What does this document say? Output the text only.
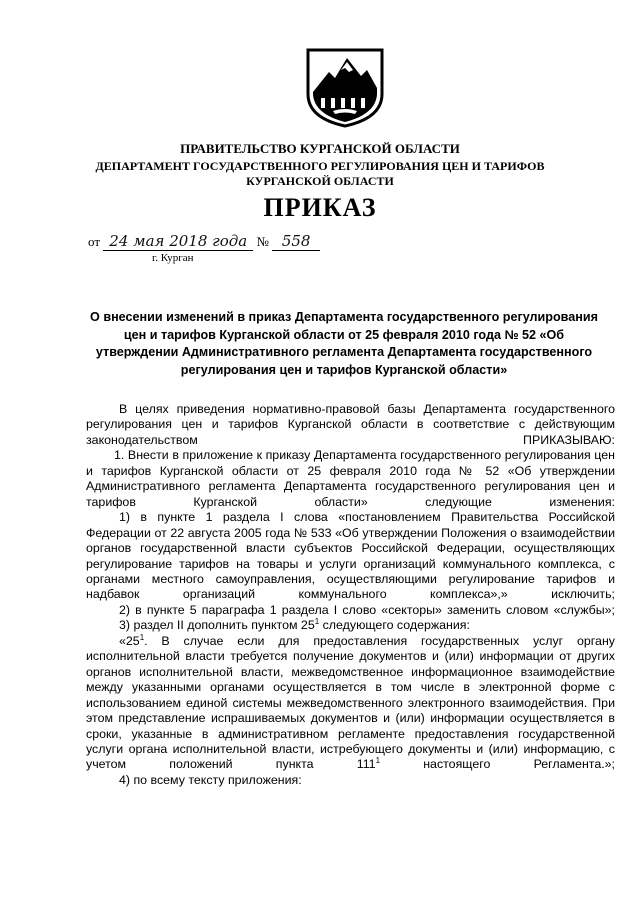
ПРАВИТЕЛЬСТВО КУРГАНСКОЙ ОБЛАСТИ
ДЕПАРТАМЕНТ ГОСУДАРСТВЕННОГО РЕГУЛИРОВАНИЯ ЦЕН И ТАРИФОВ
КУРГАНСКОЙ ОБЛАСТИ
ПРИКАЗ
от 24 мая 2018 года № 558
г. Курган
О внесении изменений в приказ Департамента государственного регулирования
цен и тарифов Курганской области от 25 февраля 2010 года № 52 «Об
утверждении Административного регламента Департамента государственного
регулирования цен и тарифов Курганской области»

В целях приведения нормативно-правовой базы Департамента государственного регулирования цен и тарифов Курганской области в соответствие с действующим законодательством ПРИКАЗЫВАЮ:

1. Внести в приложение к приказу Департамента государственного регулирования цен и тарифов Курганской области от 25 февраля 2010 года № 52 «Об утверждении Административного регламента Департамента государственного регулирования цен и тарифов Курганской области» следующие изменения:

1) в пункте 1 раздела I слова «постановлением Правительства Российской Федерации от 22 августа 2005 года № 533 «Об утверждении Положения о взаимодействии органов государственной власти субъектов Российской Федерации, осуществляющих регулирование тарифов на товары и услуги организаций коммунального комплекса, с органами местного самоуправления, осуществляющими регулирование тарифов и надбавок организаций коммунального комплекса»,» исключить;

2) в пункте 5 параграфа 1 раздела I слово «секторы» заменить словом «службы»;

3) раздел II дополнить пунктом $25^1$ следующего содержания:

«$25^1$. В случае если для предоставления государственных услуг органу исполнительной власти требуется получение документов и (или) информации от других органов исполнительной власти, межведомственное информационное взаимодействие между указанными органами осуществляется в том числе в электронной форме с использованием единой системы межведомственного электронного взаимодействия. При этом представление испрашиваемых документов и (или) информации осуществляется в сроки, указанные в административном регламенте предоставления государственной услуги органа исполнительной власти, истребующего документы и (или) информацию, с учетом положений пункта $111^1$ настоящего Регламента.»;

4) по всему тексту приложения:
